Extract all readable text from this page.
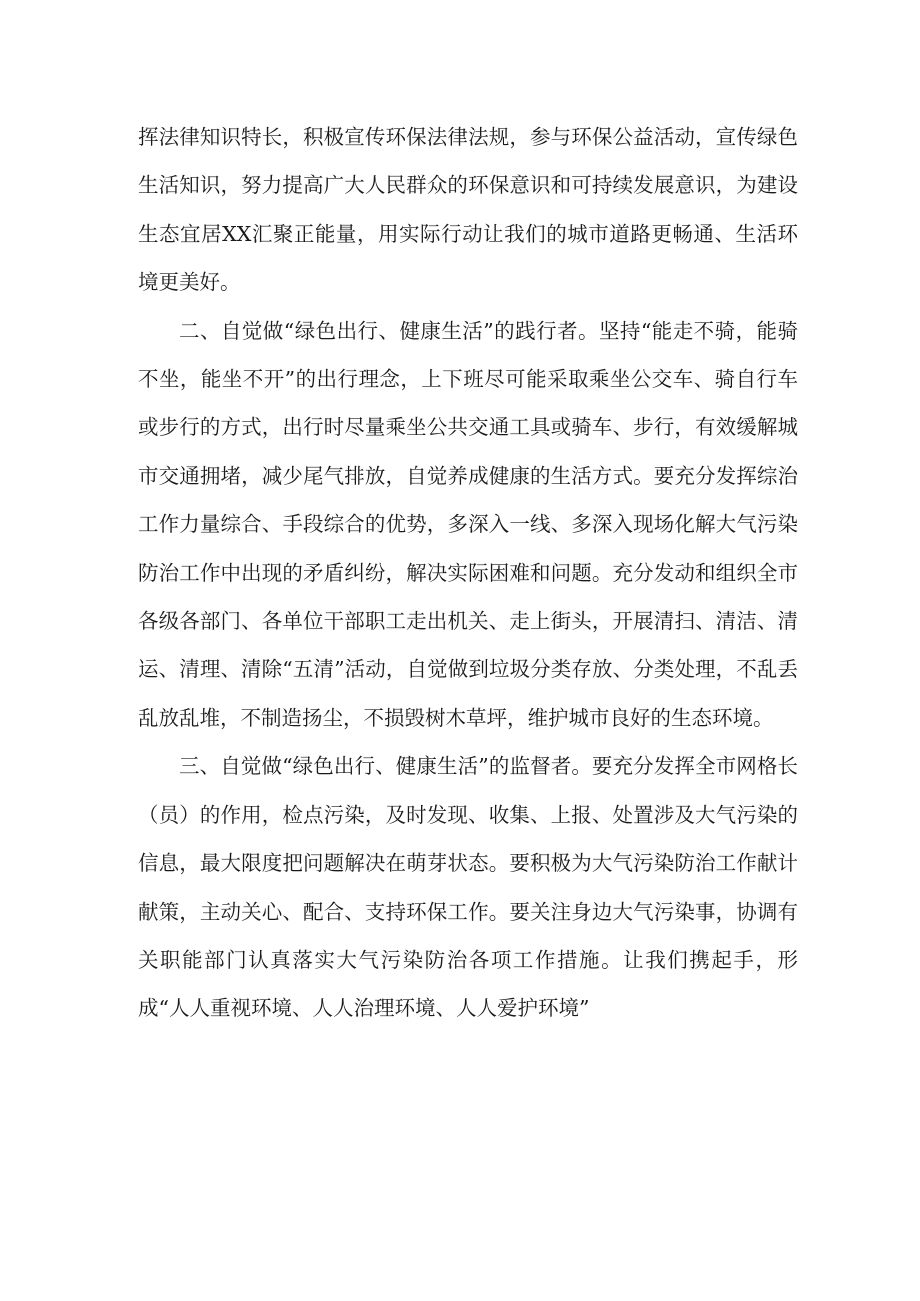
挥法律知识特长，积极宣传环保法律法规，参与环保公益活动，宣传绿色生活知识，努力提高广大人民群众的环保意识和可持续发展意识，为建设生态宜居XX汇聚正能量，用实际行动让我们的城市道路更畅通、生活环境更美好。

二、自觉做“绿色出行、健康生活”的践行者。坚持“能走不骑，能骑不坐，能坐不开”的出行理念，上下班尽可能采取乘坐公交车、骑自行车或步行的方式，出行时尽量乘坐公共交通工具或骑车、步行，有效缓解城市交通拥堵，减少尾气排放，自觉养成健康的生活方式。要充分发挥综治工作力量综合、手段综合的优势，多深入一线、多深入现场化解大气污染防治工作中出现的矛盾纠纷，解决实际困难和问题。充分发动和组织全市各级各部门、各单位干部职工走出机关、走上街头，开展清扫、清洁、清运、清理、清除“五清”活动，自觉做到垃圾分类存放、分类处理，不乱丢乱放乱堆，不制造扬尘，不损毁树木草坪，维护城市良好的生态环境。

三、自觉做“绿色出行、健康生活”的监督者。要充分发挥全市网格长（员）的作用，检点污染，及时发现、收集、上报、处置涉及大气污染的信息，最大限度把问题解决在萌芽状态。要积极为大气污染防治工作献计献策，主动关心、配合、支持环保工作。要关注身边大气污染事，协调有关职能部门认真落实大气污染防治各项工作措施。让我们携起手，形成“人人重视环境、人人治理环境、人人爱护环境”
